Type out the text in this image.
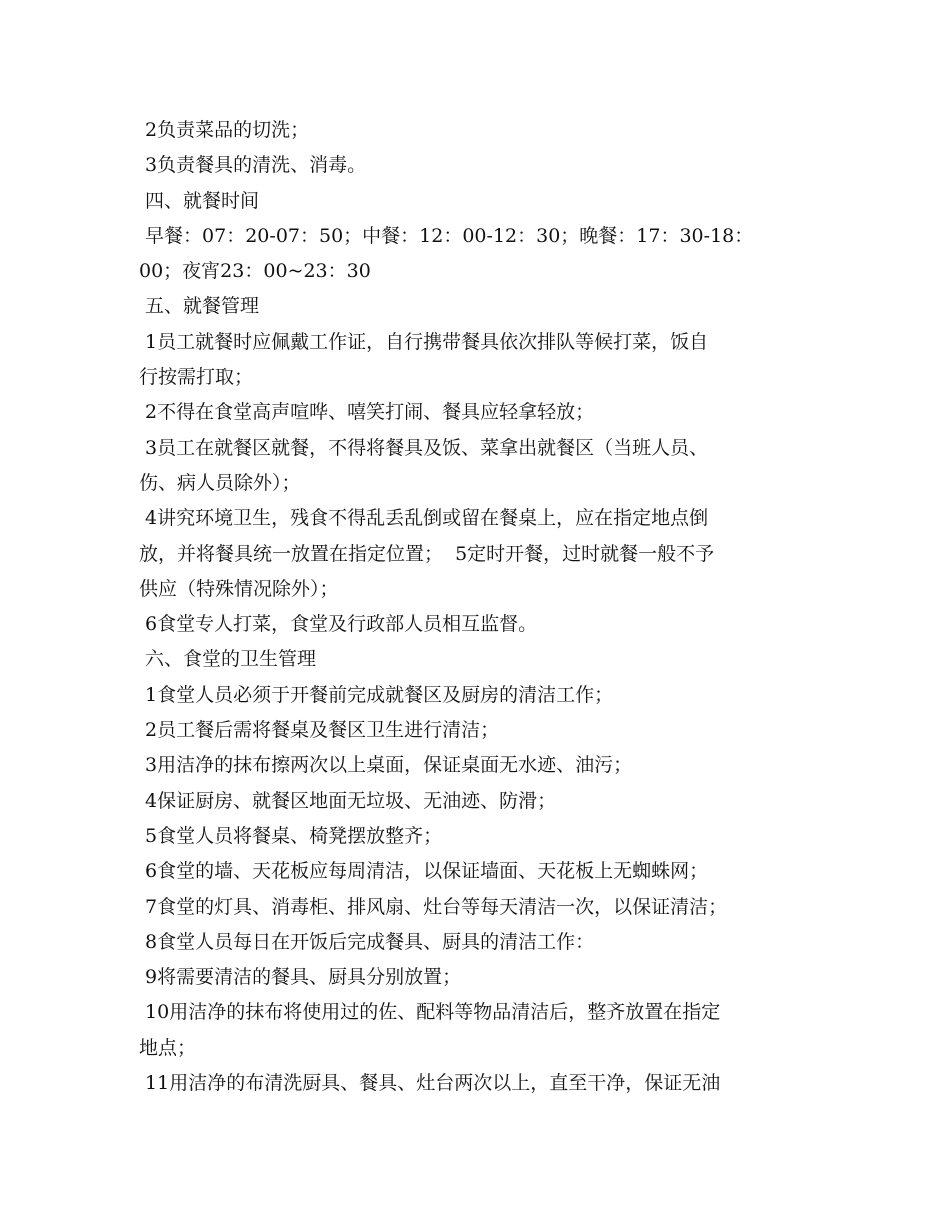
2负责菜品的切洗；

3负责餐具的清洗、消毒。

四、就餐时间

早餐：07：20-07：50；中餐：12：00-12：30；晚餐：17：30-18：

00；夜宵23：00~23：30

五、就餐管理

1员工就餐时应佩戴工作证，自行携带餐具依次排队等候打菜，饭自

行按需打取；

2不得在食堂高声喧哗、嘻笑打闹、餐具应轻拿轻放；

3员工在就餐区就餐，不得将餐具及饭、菜拿出就餐区（当班人员、

伤、病人员除外）；

4讲究环境卫生，残食不得乱丢乱倒或留在餐桌上，应在指定地点倒

放，并将餐具统一放置在指定位置；  5定时开餐，过时就餐一般不予

供应（特殊情况除外）；

6食堂专人打菜，食堂及行政部人员相互监督。

六、食堂的卫生管理

1食堂人员必须于开餐前完成就餐区及厨房的清洁工作；

2员工餐后需将餐桌及餐区卫生进行清洁；

3用洁净的抹布擦两次以上桌面，保证桌面无水迹、油污；

4保证厨房、就餐区地面无垃圾、无油迹、防滑；

5食堂人员将餐桌、椅凳摆放整齐；

6食堂的墙、天花板应每周清洁，以保证墙面、天花板上无蜘蛛网；

7食堂的灯具、消毒柜、排风扇、灶台等每天清洁一次，以保证清洁；

8食堂人员每日在开饭后完成餐具、厨具的清洁工作：

9将需要清洁的餐具、厨具分别放置；

10用洁净的抹布将使用过的佐、配料等物品清洁后，整齐放置在指定

地点；

11用洁净的布清洗厨具、餐具、灶台两次以上，直至干净，保证无油
